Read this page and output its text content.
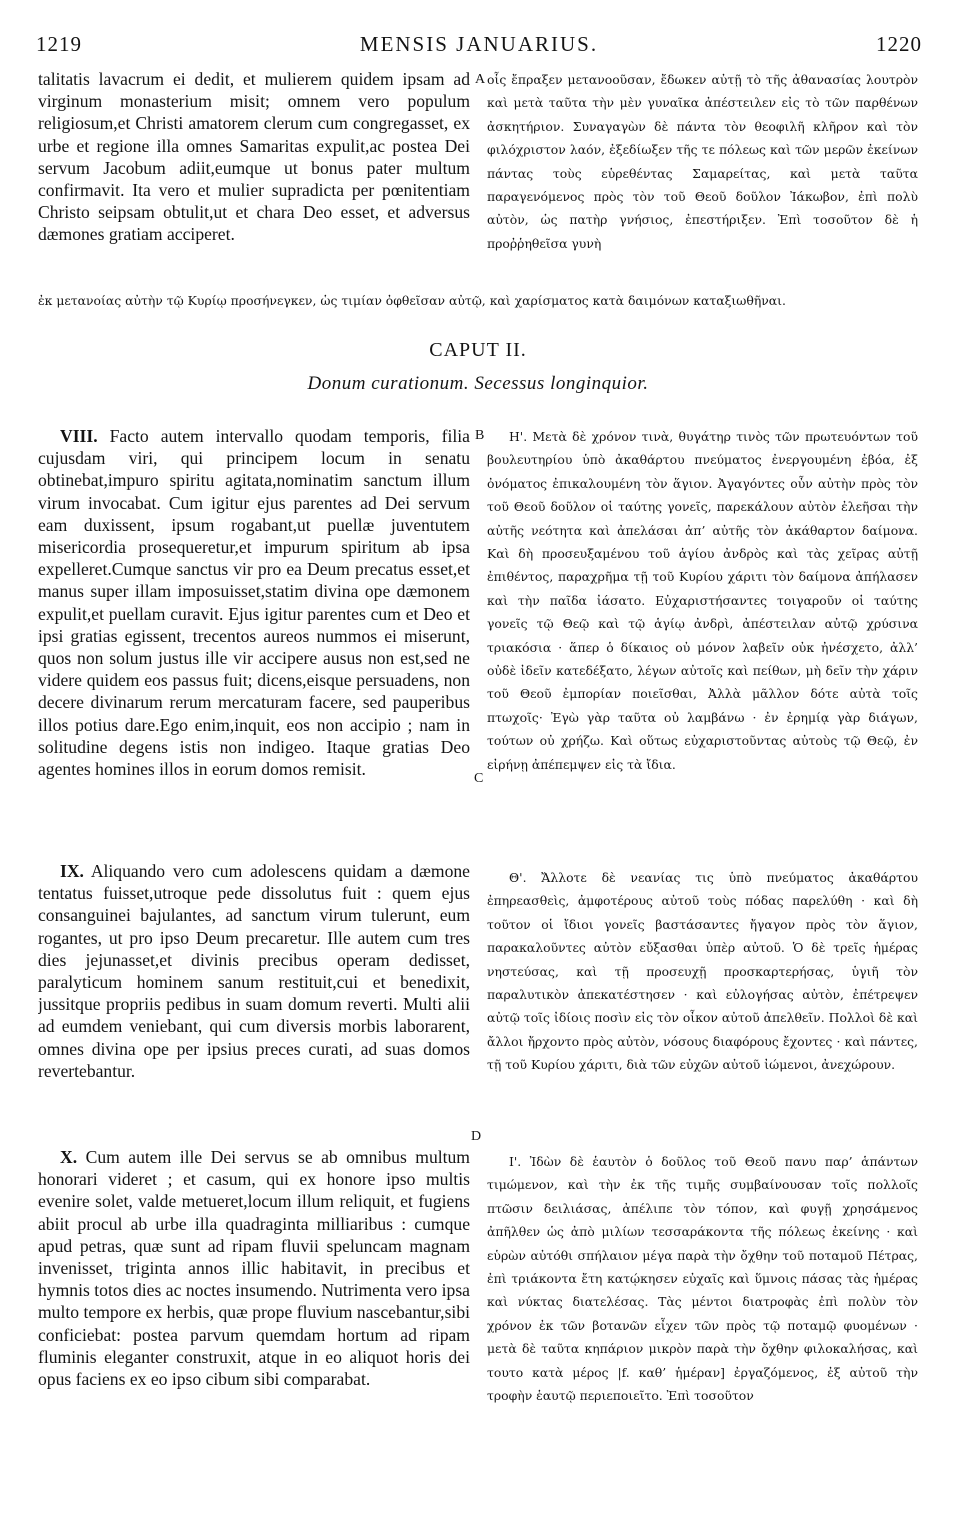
1219	MENSIS JANUARIUS.	1220

talitatis lavacrum ei dedit, et mulierem quidem ipsam ad virginum monasterium misit; omnem vero populum religiosum,et Christi amatorem clerum cum congregasset, ex urbe et regione illa omnes Samaritas expulit,ac postea Dei servum Jacobum adiit,eumque ut bonus pater multum confirmavit. Ita vero et mulier supradicta per pœnitentiam Christo seipsam obtulit,ut et chara Deo esset, et adversus dæmones gratiam acciperet.

A οἷς ἔπραξεν μετανοοῦσαν, ἔδωκεν αὐτῇ τὸ τῆς ἀθανασίας λουτρὸν καὶ μετὰ ταῦτα τὴν μὲν γυναῖκα ἀπέστειλεν εἰς τὸ τῶν παρθένων ἀσκητήριον. Συναγαγὼν δὲ πάντα τὸν θεοφιλῆ κλῆρον καὶ τὸν φιλόχριστον λαόν, ἐξεδίωξεν τῆς τε πόλεως καὶ τῶν μερῶν ἐκείνων πάντας τοὺς εὑρεθέντας Σαμαρείτας, καὶ μετὰ ταῦτα παραγενόμενος πρὸς τὸν τοῦ Θεοῦ δοῦλον Ἰάκωβον, ἐπὶ πολὺ αὐτὸν, ὡς πατὴρ γνήσιος, ἐπεστήριξεν. Ἐπὶ τοσοῦτον δὲ ἡ προῤῥηθεῖσα γυνὴ

ἐκ μετανοίας αὐτὴν τῷ Κυρίῳ προσήνεγκεν, ὡς τιμίαν ὀφθεῖσαν αὐτῷ, καὶ χαρίσματος κατὰ δαιμόνων καταξιωθῆναι.

CAPUT II.
Donum curationum. Secessus longinquior.

VIII. Facto autem intervallo quodam temporis, filia cujusdam viri, qui principem locum in senatu obtinebat,impuro spiritu agitata,nominatim sanctum illum virum invocabat. Cum igitur ejus parentes ad Dei servum eam duxissent, ipsum rogabant,ut puellæ juventutem misericordia prosequeretur,et impurum spiritum ab ipsa expelleret.Cumque sanctus vir pro ea Deum precatus esset,et manus super illam imposuisset,statim divina ope dæmonem expulit,et puellam curavit. Ejus igitur parentes cum et Deo et ipsi gratias egissent, trecentos aureos nummos ei miserunt, quos non solum justus ille vir accipere ausus non est,sed ne videre quidem eos passus fuit; dicens,eisque persuadens, non decere divinarum rerum mercaturam facere, sed pauperibus illos potius dare.Ego enim,inquit, eos non accipio ; nam in solitudine degens istis non indigeo. Itaque gratias Deo agentes homines illos in eorum domos remisit.

B	Η'. Μετὰ δὲ χρόνον τινὰ, θυγάτηρ τινὸς τῶν πρωτευόντων τοῦ βουλευτηρίου ὑπὸ ἀκαθάρτου πνεύματος ἐνεργουμένη ἐβόα, ἐξ ὀνόματος ἐπικαλουμένη τὸν ἅγιον. Ἀγαγόντες οὖν αὐτὴν πρὸς τὸν τοῦ Θεοῦ δοῦλον οἱ ταύτης γονεῖς, παρεκάλουν αὐτὸν ἐλεῆσαι τὴν αὐτῆς νεότητα καὶ ἀπελάσαι ἀπ’ αὐτῆς τὸν ἀκάθαρτον δαίμονα. Καὶ δὴ προσευξαμένου τοῦ ἁγίου ἀνδρὸς καὶ τὰς χεῖρας αὐτῇ ἐπιθέντος, παραχρῆμα τῇ τοῦ Κυρίου χάριτι τὸν δαίμονα ἀπήλασεν καὶ τὴν παῖδα ἰάσατο. Εὐχαριστήσαντες τοιγαροῦν οἱ ταύτης γονεῖς τῷ Θεῷ καὶ τῷ ἁγίῳ ἀνδρὶ, ἀπέστειλαν αὐτῷ χρύσινα τριακόσια · ἅπερ ὁ δίκαιος οὐ μόνον λαβεῖν οὐκ ἠνέσχετο, ἀλλ’ οὐδὲ ἰδεῖν κατεδέξατο, λέγων αὐτοῖς καὶ πείθων, μὴ δεῖν τὴν χάριν τοῦ Θεοῦ ἐμπορίαν ποιεῖσθαι, Ἀλλὰ μᾶλλον δότε αὐτὰ τοῖς πτωχοῖς· Ἐγὼ γὰρ ταῦτα οὐ λαμβάνω · ἐν ἐρημίᾳ γὰρ διάγων, τούτων οὐ χρήζω. Καὶ οὕτως εὐχαριστοῦντας αὐτοὺς τῷ Θεῷ, ἐν εἰρήνῃ ἀπέπεμψεν εἰς τὰ ἴδια.

C

IX. Aliquando vero cum adolescens quidam a dæmone tentatus fuisset,utroque pede dissolutus fuit : quem ejus consanguinei bajulantes, ad sanctum virum tulerunt, eum rogantes, ut pro ipso Deum precaretur. Ille autem cum tres dies jejunasset,et divinis precibus operam dedisset, paralyticum hominem sanum restituit,cui et benedixit, jussitque propriis pedibus in suam domum reverti. Multi alii ad eumdem veniebant, qui cum diversis morbis laborarent, omnes divina ope per ipsius preces curati, ad suas domos revertebantur.

Θ'. Ἄλλοτε δὲ νεανίας τις ὑπὸ πνεύματος ἀκαθάρτου ἐπηρεασθεὶς, ἀμφοτέρους αὐτοῦ τοὺς πόδας παρελύθη · καὶ δὴ τοῦτον οἱ ἴδιοι γονεῖς βαστάσαντες ἤγαγον πρὸς τὸν ἅγιον, παρακαλοῦντες αὐτὸν εὔξασθαι ὑπὲρ αὐτοῦ. Ὁ δὲ τρεῖς ἡμέρας νηστεύσας, καὶ τῇ προσευχῇ προσκαρτερήσας, ὑγιῆ τὸν παραλυτικὸν ἀπεκατέστησεν · καὶ εὐλογήσας αὐτὸν, ἐπέτρεψεν αὐτῷ τοῖς ἰδίοις ποσὶν εἰς τὸν οἶκον αὐτοῦ ἀπελθεῖν. Πολλοὶ δὲ καὶ ἄλλοι ἤρχοντο πρὸς αὐτὸν, νόσους διαφόρους ἔχοντες · καὶ πάντες, τῇ τοῦ Κυρίου χάριτι, διὰ τῶν εὐχῶν αὐτοῦ ἰώμενοι, ἀνεχώρουν.

D

X. Cum autem ille Dei servus se ab omnibus multum honorari videret ; et casum, qui ex honore ipso multis evenire solet, valde metueret,locum illum reliquit, et fugiens abiit procul ab urbe illa quadraginta milliaribus : cumque apud petras, quæ sunt ad ripam fluvii speluncam magnam invenisset, triginta annos illic habitavit, in precibus et hymnis totos dies ac noctes insumendo. Nutrimenta vero ipsa multo tempore ex herbis, quæ prope fluvium nascebantur,sibi conficiebat: postea parvum quemdam hortum ad ripam fluminis eleganter construxit, atque in eo aliquot horis dei opus faciens ex eo ipso cibum sibi comparabat.

Ι'. Ἰδὼν δὲ ἑαυτὸν ὁ δοῦλος τοῦ Θεοῦ πανυ παρ’ ἁπάντων τιμώμενον, καὶ τὴν ἐκ τῆς τιμῆς συμβαίνουσαν τοῖς πολλοῖς πτῶσιν δειλιάσας, ἀπέλιπε τὸν τόπον, καὶ φυγῇ χρησάμενος ἀπῆλθεν ὡς ἀπὸ μιλίων τεσσαράκοντα τῆς πόλεως ἐκείνης · καὶ εὑρὼν αὐτόθι σπήλαιον μέγα παρὰ τὴν ὄχθην τοῦ ποταμοῦ Πέτρας, ἐπὶ τριάκοντα ἔτη κατῴκησεν εὐχαῖς καὶ ὕμνοις πάσας τὰς ἡμέρας καὶ νύκτας διατελέσας. Τὰς μέντοι διατροφὰς ἐπὶ πολὺν τὸν χρόνον ἐκ τῶν βοτανῶν εἶχεν τῶν πρὸς τῷ ποταμῷ φυομένων · μετὰ δὲ ταῦτα κηπάριον μικρὸν παρὰ τὴν ὄχθην φιλοκαλήσας, καὶ τουτο κατὰ μέρος |f. καθ’ ἡμέραν] ἐργαζόμενος, ἐξ αὐτοῦ τὴν τροφὴν ἑαυτῷ περιεποιεῖτο. Ἐπὶ τοσοῦτον
